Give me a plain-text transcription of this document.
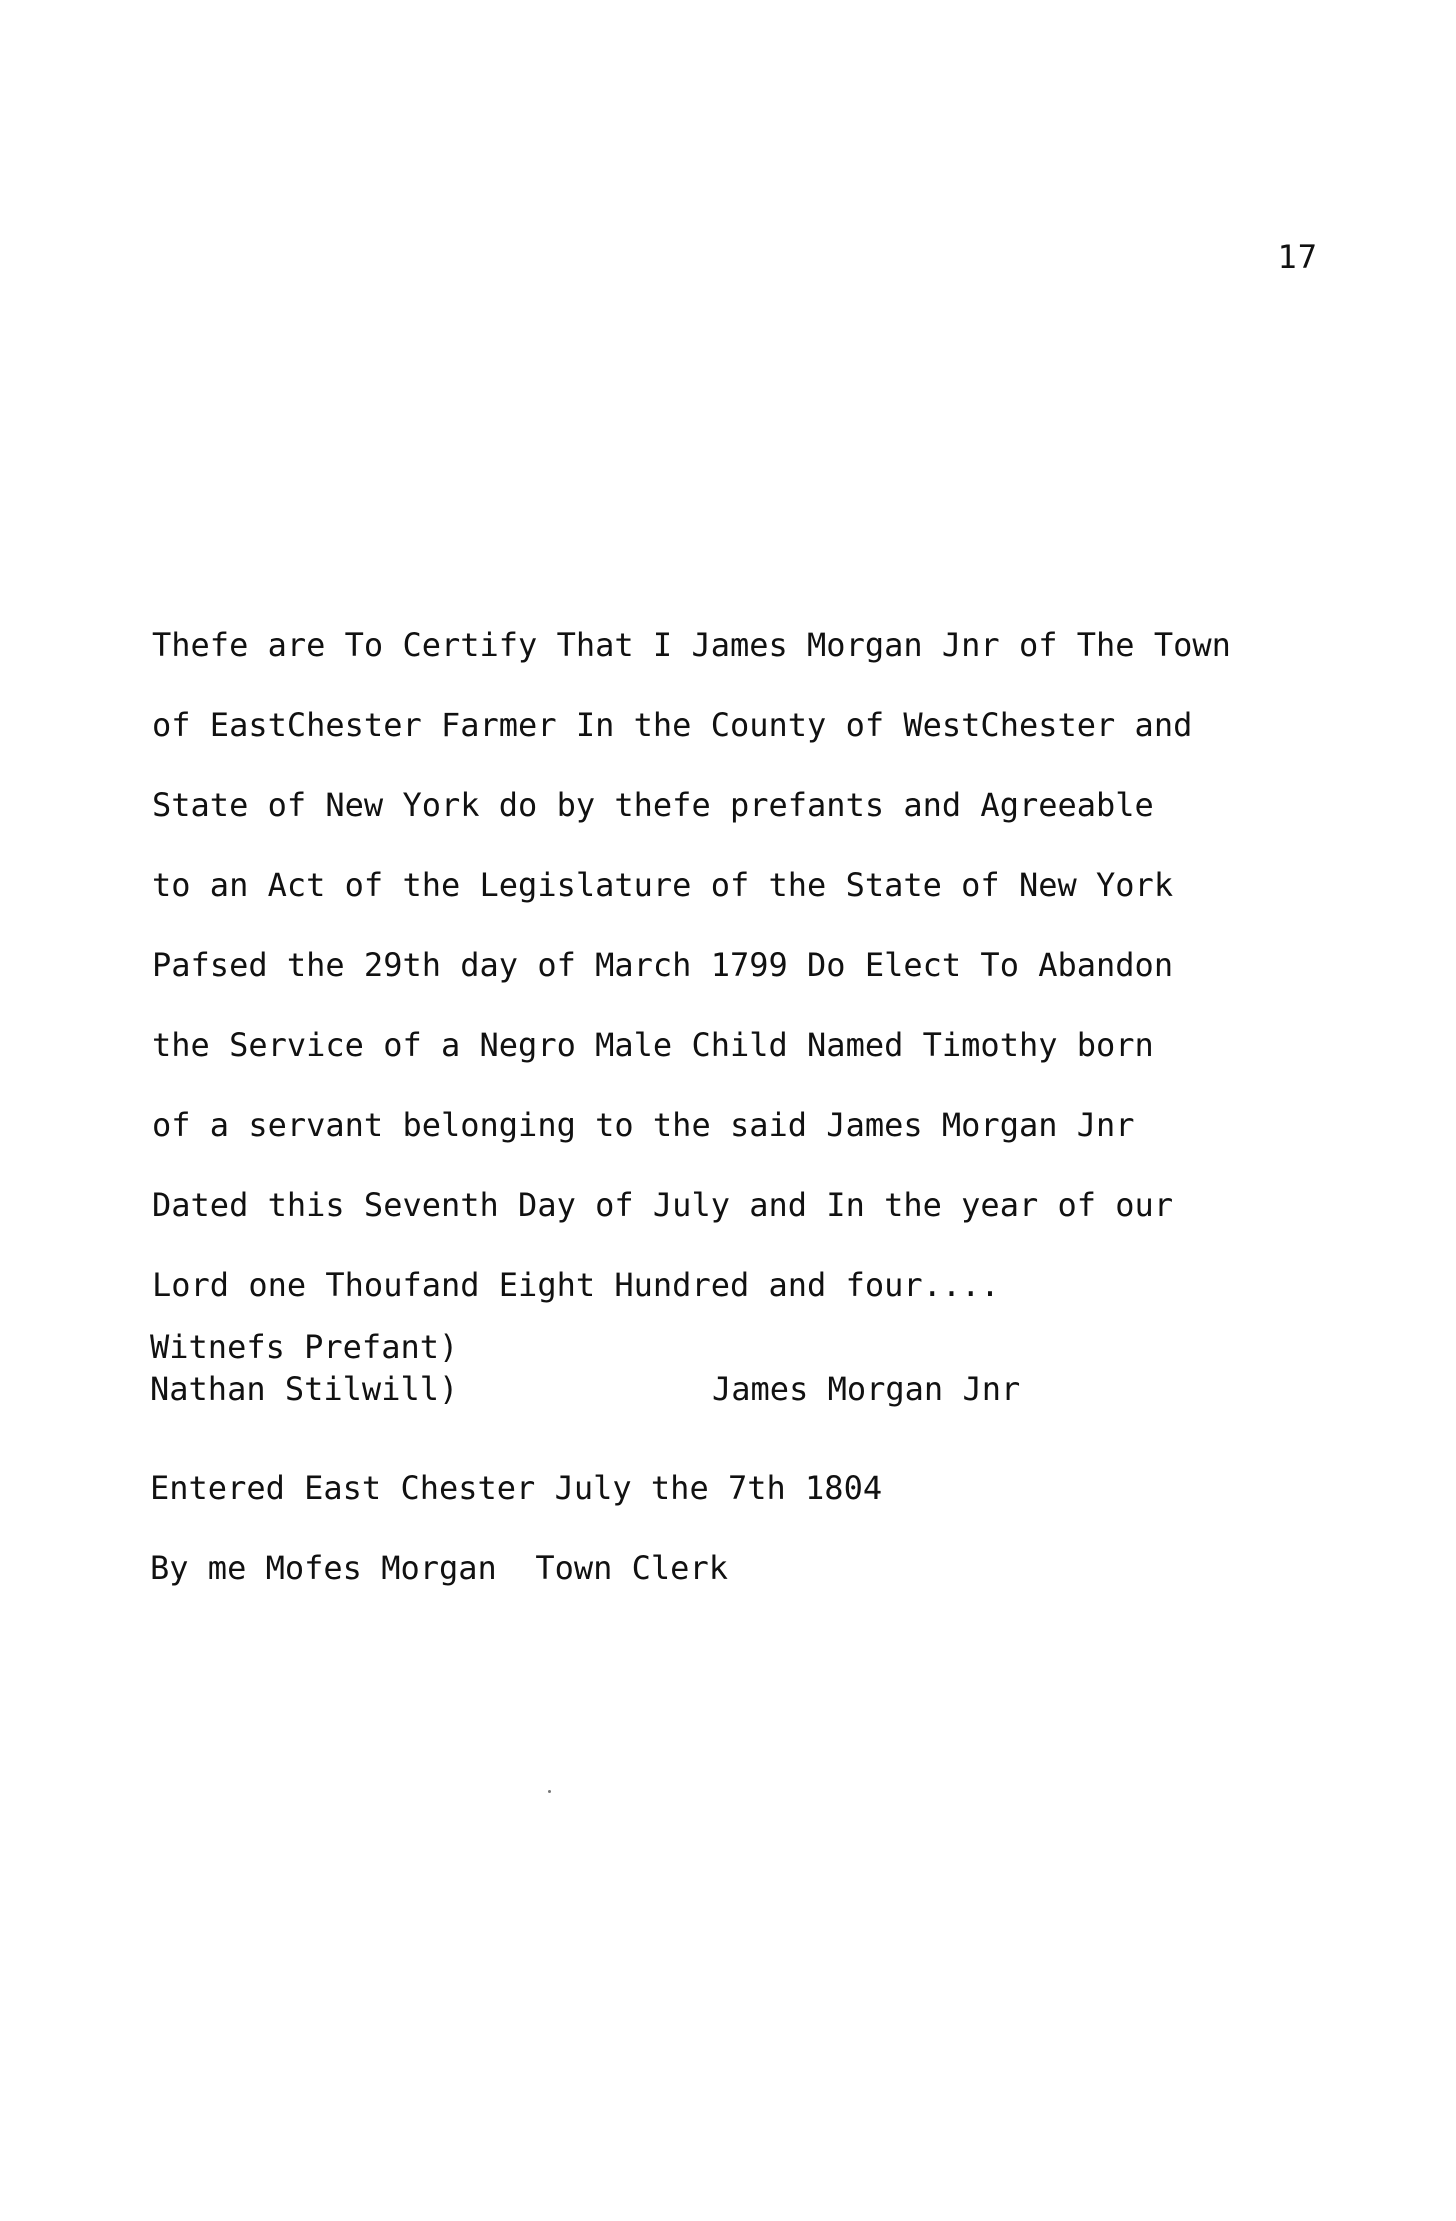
17

Thefe are To Certify That I James Morgan Jnr of The Town

of EastChester Farmer In the County of WestChester and

State of New York do by thefe prefants and Agreeable

to an Act of the Legislature of the State of New York

Pafsed the 29th day of March 1799 Do Elect To Abandon

the Service of a Negro Male Child Named Timothy born

of a servant belonging to the said James Morgan Jnr

Dated this Seventh Day of July and In the year of our

Lord one Thoufand Eight Hundred and four....

Witnefs Prefant)

Nathan Stilwill)	James Morgan Jnr

Entered East Chester July the 7th 1804

By me Mofes Morgan  Town Clerk
